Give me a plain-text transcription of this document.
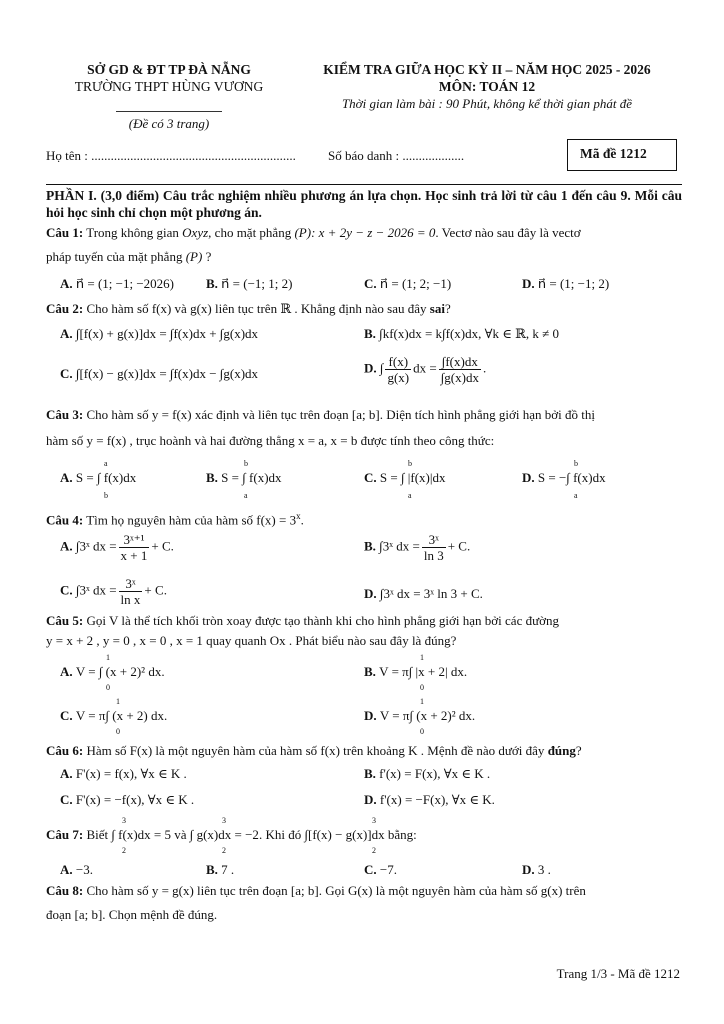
SỞ GD & ĐT TP ĐÀ NẴNG
TRƯỜNG THPT HÙNG VƯƠNG
(Đề có 3 trang)
KIỂM TRA GIỮA HỌC KỲ II – NĂM HỌC 2025 - 2026
MÔN: TOÁN 12
Thời gian làm bài : 90 Phút, không kể thời gian phát đề
Họ tên : ............................................................... Số báo danh : ...................	Mã đề 1212
PHẦN I. (3,0 điểm) Câu trắc nghiệm nhiều phương án lựa chọn. Học sinh trả lời từ câu 1 đến câu 9. Mỗi câu hỏi học sinh chỉ chọn một phương án.
Câu 1: Trong không gian Oxyz, cho mặt phẳng (P): x + 2y − z − 2026 = 0. Vectơ nào sau đây là vectơ
pháp tuyến của mặt phẳng (P) ?
A. n⃗ = (1; −1; −2026) B. n⃗ = (−1; 1; 2)	C. n⃗ = (1; 2; −1)	D. n⃗ = (1; −1; 2)
Câu 2: Cho hàm số f(x) và g(x) liên tục trên ℝ . Khẳng định nào sau đây sai?
A. ∫[f(x) + g(x)]dx = ∫f(x)dx + ∫g(x)dx	B. ∫kf(x)dx = k∫f(x)dx, ∀k ∈ ℝ, k ≠ 0
C. ∫[f(x) − g(x)]dx = ∫f(x)dx − ∫g(x)dx	D. ∫ $\frac{f(x)}{g(x)}$ dx = $\frac{\int f(x)dx}{\int g(x)dx}$ .
Câu 3: Cho hàm số y = f(x) xác định và liên tục trên đoạn [a; b]. Diện tích hình phẳng giới hạn bởi đồ thị
hàm số y = f(x) , trục hoành và hai đường thẳng x = a, x = b được tính theo công thức:
A. S = ∫ f(x)dx
a
b
B. S = ∫ f(x)dx
b
a
C. S = ∫ |f(x)|dx
b
a
D. S = −∫ f(x)dx
b
a
Câu 4: Tìm họ nguyên hàm của hàm số $f(x) = 3^x$.
A. ∫3ˣ dx = $\frac{\text{3ˣ⁺¹}}{x + 1} + C$.	B. ∫3ˣ dx = $\frac{\text{3ˣ}}{\ln 3} + C$.
C. ∫3ˣ dx = $\frac{\text{3ˣ}}{\text{ln x}} + C$.	D. ∫3ˣ dx = 3ˣ ln 3 + C.
Câu 5: Gọi V là thể tích khối tròn xoay được tạo thành khi cho hình phẳng giới hạn bởi các đường
y = x + 2 , y = 0 , x = 0 , x = 1 quay quanh Ox . Phát biểu nào sau đây là đúng?
A. V = ∫ (x + 2)² dx.
1
0
B. V = π∫ |x + 2| dx.
1
0
C. V = π∫ (x + 2) dx.
1
0
D. V = π∫ (x + 2)² dx.
1
0
Câu 6: Hàm số F(x) là một nguyên hàm của hàm số f(x) trên khoảng K . Mệnh đề nào dưới đây đúng?
A. F'(x) = f(x), ∀x ∈ K .	B. f'(x) = F(x), ∀x ∈ K .
C. F'(x) = −f(x), ∀x ∈ K .	D. f'(x) = −F(x), ∀x ∈ K.
Câu 7: Biết ∫ f(x)dx = 5 và ∫ g(x)dx = −2. Khi đó ∫[f(x) − g(x)]dx bằng:
3
2
3
2
3
2
A. −3.	B. 7 .	C. −7.	D. 3 .
Câu 8: Cho hàm số y = g(x) liên tục trên đoạn [a; b]. Gọi G(x) là một nguyên hàm của hàm số g(x) trên
đoạn [a; b]. Chọn mệnh đề đúng.
Trang 1/3 - Mã đề 1212
